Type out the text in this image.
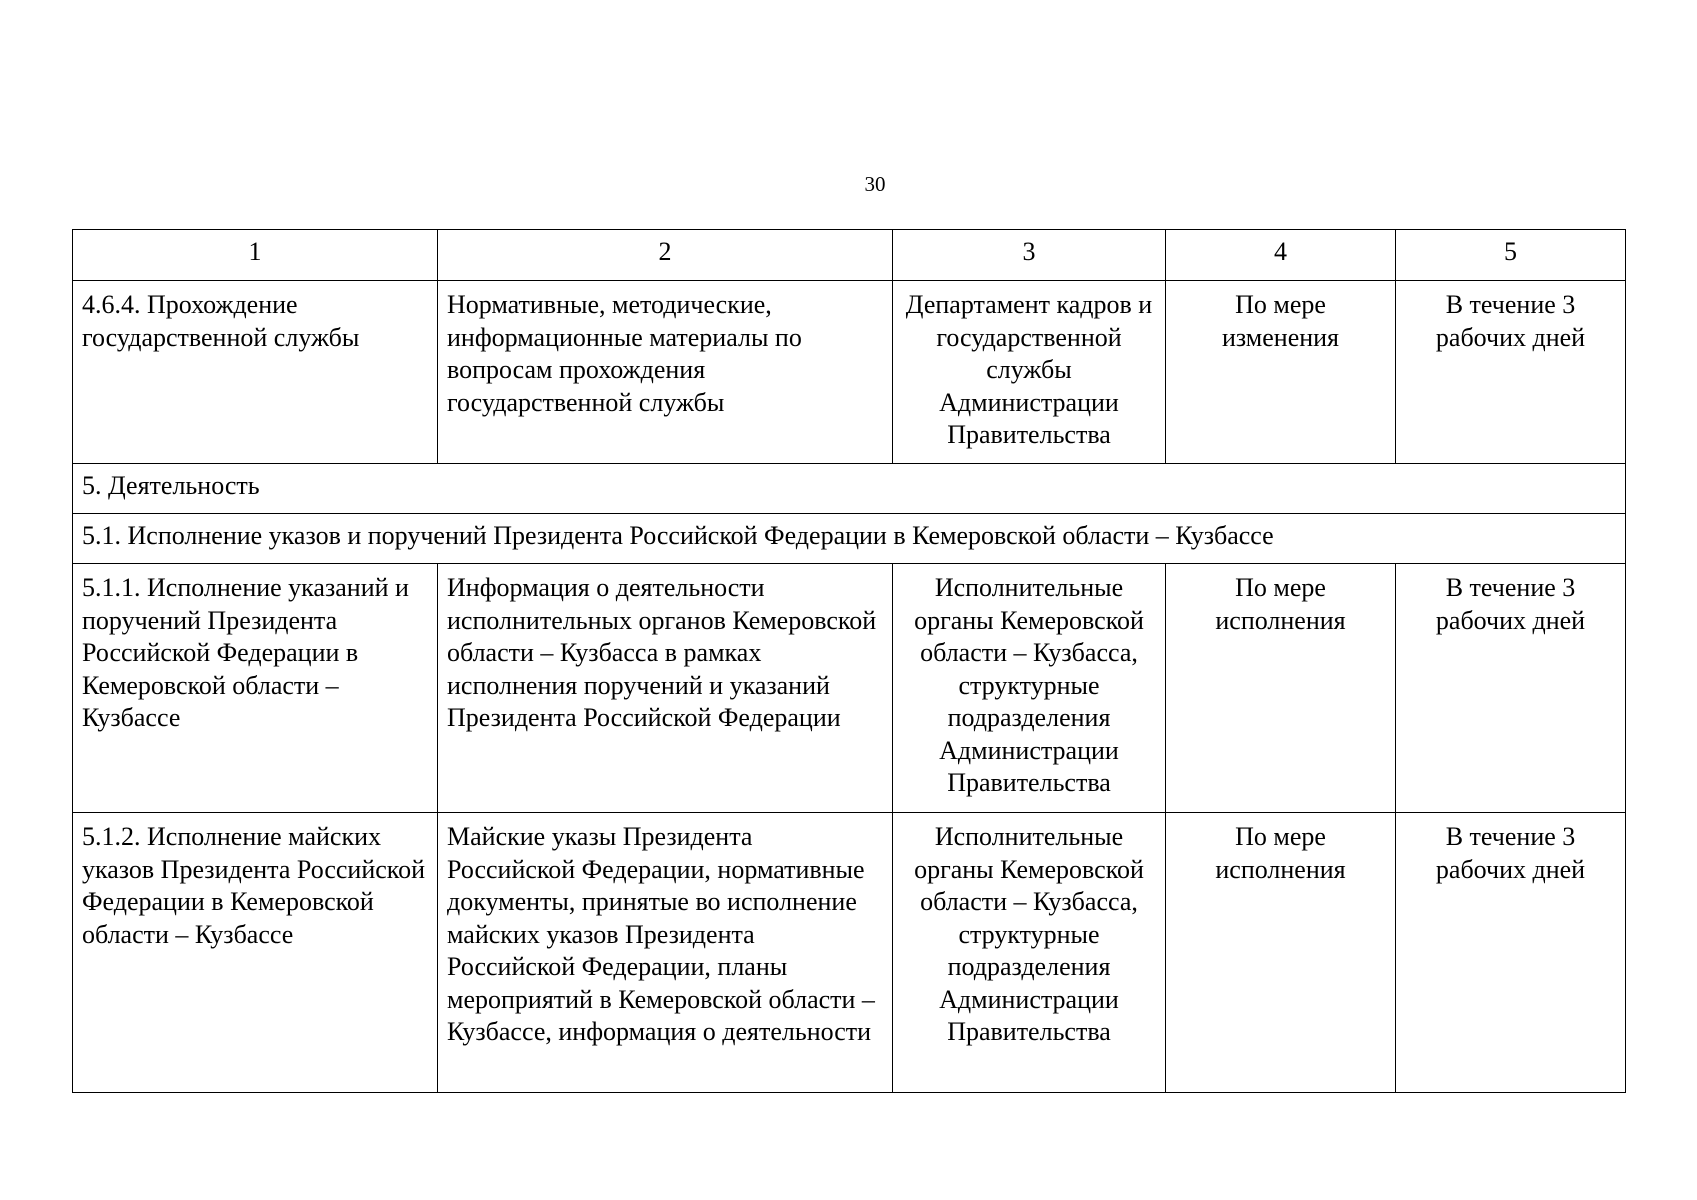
30
1	2	3	4	5
4.6.4. Прохождение государственной службы	Нормативные, методические, информационные материалы по вопросам прохождения государственной службы	Департамент кадров и государственной службы Администрации Правительства	По мере изменения	В течение 3 рабочих дней
5. Деятельность				
5.1. Исполнение указов и поручений Президента Российской Федерации в Кемеровской области – Кузбассе				
5.1.1. Исполнение указаний и поручений Президента Российской Федерации в Кемеровской области – Кузбассе	Информация о деятельности исполнительных органов Кемеровской области – Кузбасса в рамках исполнения поручений и указаний Президента Российской Федерации	Исполнительные органы Кемеровской области – Кузбасса, структурные подразделения Администрации Правительства	По мере исполнения	В течение 3 рабочих дней
5.1.2. Исполнение майских указов Президента Российской Федерации в Кемеровской области – Кузбассе	Майские указы Президента Российской Федерации, нормативные документы, принятые во исполнение майских указов Президента Российской Федерации, планы мероприятий в Кемеровской области – Кузбассе, информация о деятельности	Исполнительные органы Кемеровской области – Кузбасса, структурные подразделения Администрации Правительства	По мере исполнения	В течение 3 рабочих дней
